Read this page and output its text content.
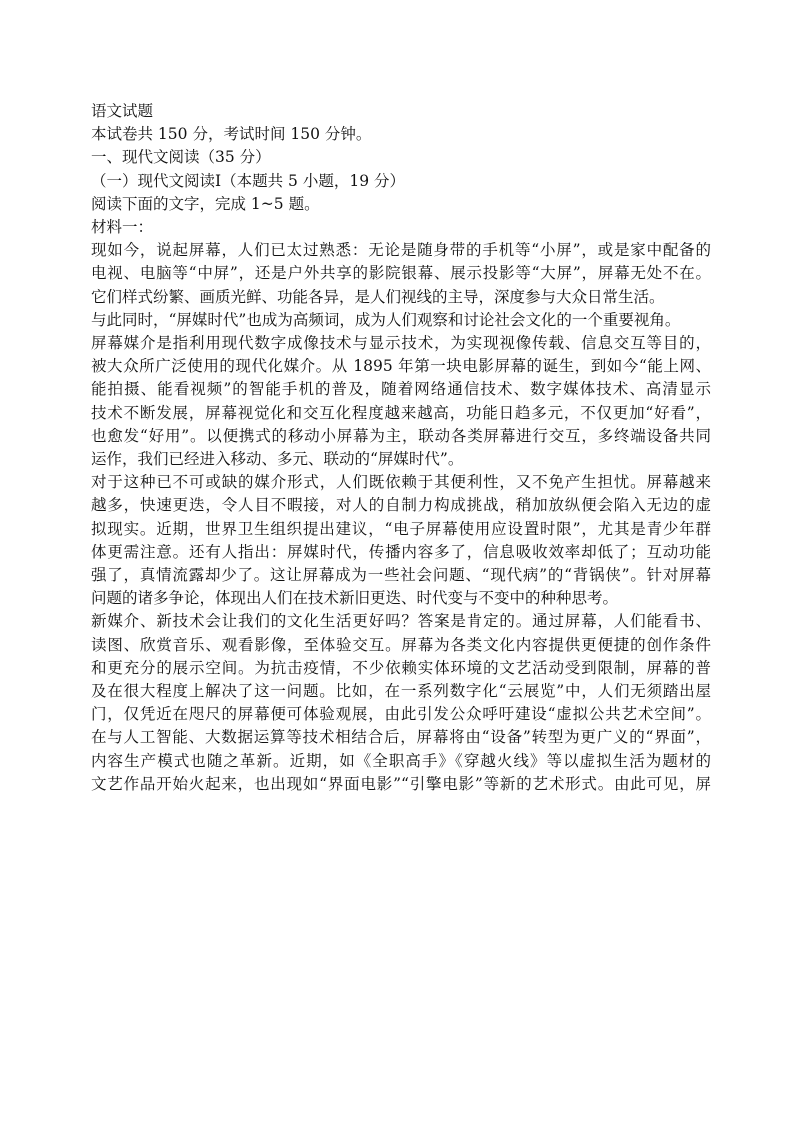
语文试题
本试卷共 150 分，考试时间 150 分钟。
一、现代文阅读（35 分）
（一）现代文阅读Ⅰ（本题共 5 小题，19 分）
阅读下面的文字，完成 1~5 题。
材料一：
现如今，说起屏幕，人们已太过熟悉：无论是随身带的手机等“小屏”，或是家中配备的
电视、电脑等“中屏”，还是户外共享的影院银幕、展示投影等“大屏”，屏幕无处不在。
它们样式纷繁、画质光鲜、功能各异，是人们视线的主导，深度参与大众日常生活。
与此同时，“屏媒时代”也成为高频词，成为人们观察和讨论社会文化的一个重要视角。
屏幕媒介是指利用现代数字成像技术与显示技术，为实现视像传载、信息交互等目的，
被大众所广泛使用的现代化媒介。从 1895 年第一块电影屏幕的诞生，到如今“能上网、
能拍摄、能看视频”的智能手机的普及，随着网络通信技术、数字媒体技术、高清显示
技术不断发展，屏幕视觉化和交互化程度越来越高，功能日趋多元，不仅更加“好看”，
也愈发“好用”。以便携式的移动小屏幕为主，联动各类屏幕进行交互，多终端设备共同
运作，我们已经进入移动、多元、联动的“屏媒时代”。
对于这种已不可或缺的媒介形式，人们既依赖于其便利性，又不免产生担忧。屏幕越来
越多，快速更迭，令人目不暇接，对人的自制力构成挑战，稍加放纵便会陷入无边的虚
拟现实。近期，世界卫生组织提出建议，“电子屏幕使用应设置时限”，尤其是青少年群
体更需注意。还有人指出：屏媒时代，传播内容多了，信息吸收效率却低了；互动功能
强了，真情流露却少了。这让屏幕成为一些社会问题、“现代病”的“背锅侠”。针对屏幕
问题的诸多争论，体现出人们在技术新旧更迭、时代变与不变中的种种思考。
新媒介、新技术会让我们的文化生活更好吗？答案是肯定的。通过屏幕，人们能看书、
读图、欣赏音乐、观看影像，至体验交互。屏幕为各类文化内容提供更便捷的创作条件
和更充分的展示空间。为抗击疫情，不少依赖实体环境的文艺活动受到限制，屏幕的普
及在很大程度上解决了这一问题。比如，在一系列数字化“云展览”中，人们无须踏出屋
门，仅凭近在咫尺的屏幕便可体验观展，由此引发公众呼吁建设“虚拟公共艺术空间”。
在与人工智能、大数据运算等技术相结合后，屏幕将由“设备”转型为更广义的“界面”，
内容生产模式也随之革新。近期，如《全职高手》《穿越火线》等以虚拟生活为题材的
文艺作品开始火起来，也出现如“界面电影”“引擎电影”等新的艺术形式。由此可见，屏
